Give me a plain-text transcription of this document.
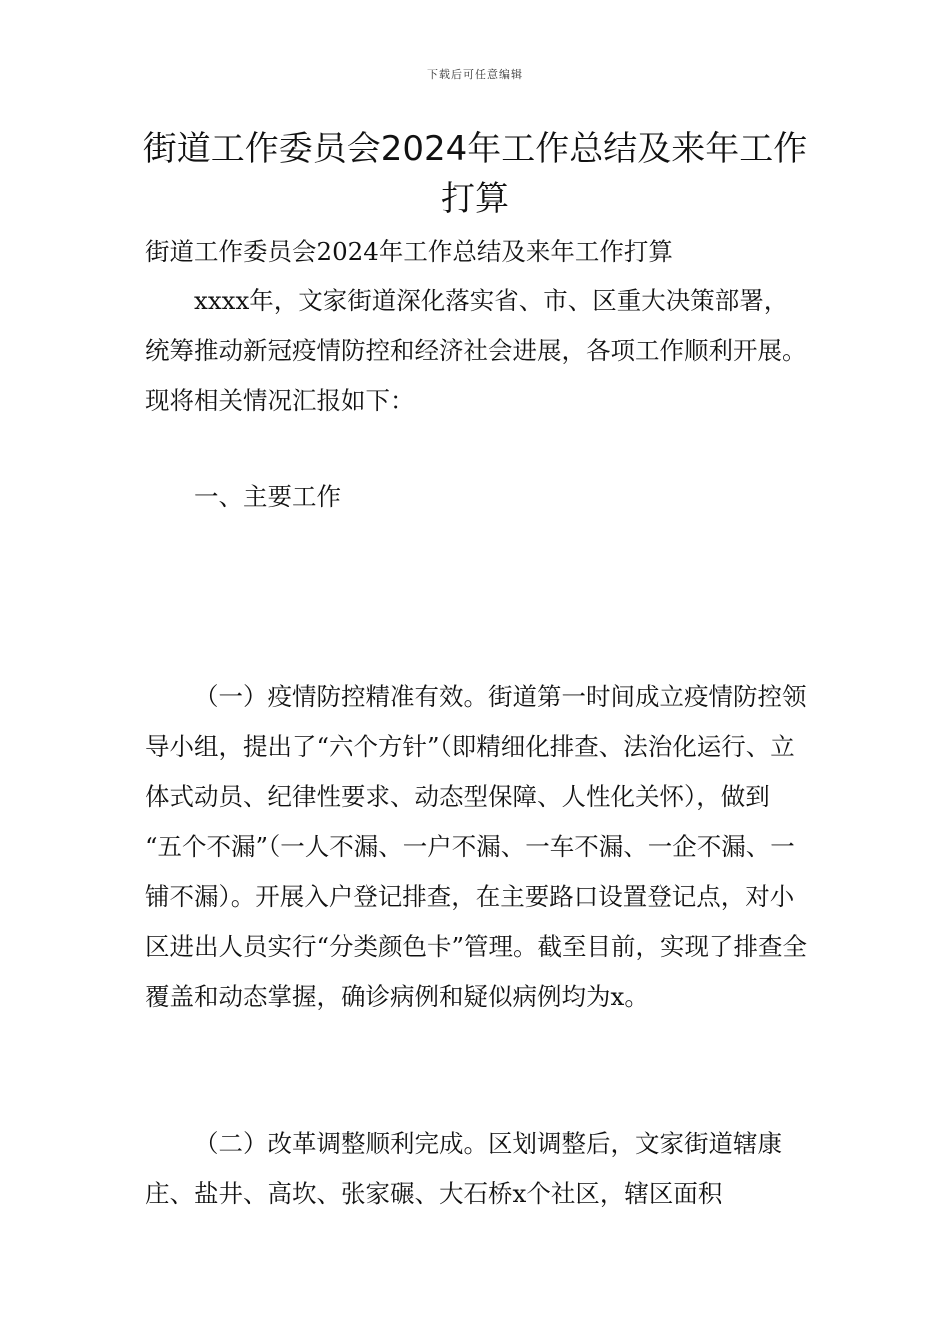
下载后可任意编辑
街道工作委员会2024年工作总结及来年工作打算

街道工作委员会2024年工作总结及来年工作打算

xxxx年，文家街道深化落实省、市、区重大决策部署，统筹推动新冠疫情防控和经济社会进展，各项工作顺利开展。现将相关情况汇报如下：

一、主要工作

（一）疫情防控精准有效。街道第一时间成立疫情防控领导小组，提出了“六个方针”（即精细化排查、法治化运行、立体式动员、纪律性要求、动态型保障、人性化关怀），做到 “五个不漏”（一人不漏、一户不漏、一车不漏、一企不漏、一铺不漏）。开展入户登记排查，在主要路口设置登记点，对小区进出人员实行“分类颜色卡”管理。截至目前，实现了排查全覆盖和动态掌握，确诊病例和疑似病例均为x。

（二）改革调整顺利完成。区划调整后，文家街道辖康庄、盐井、高坎、张家碾、大石桥x个社区，辖区面积
